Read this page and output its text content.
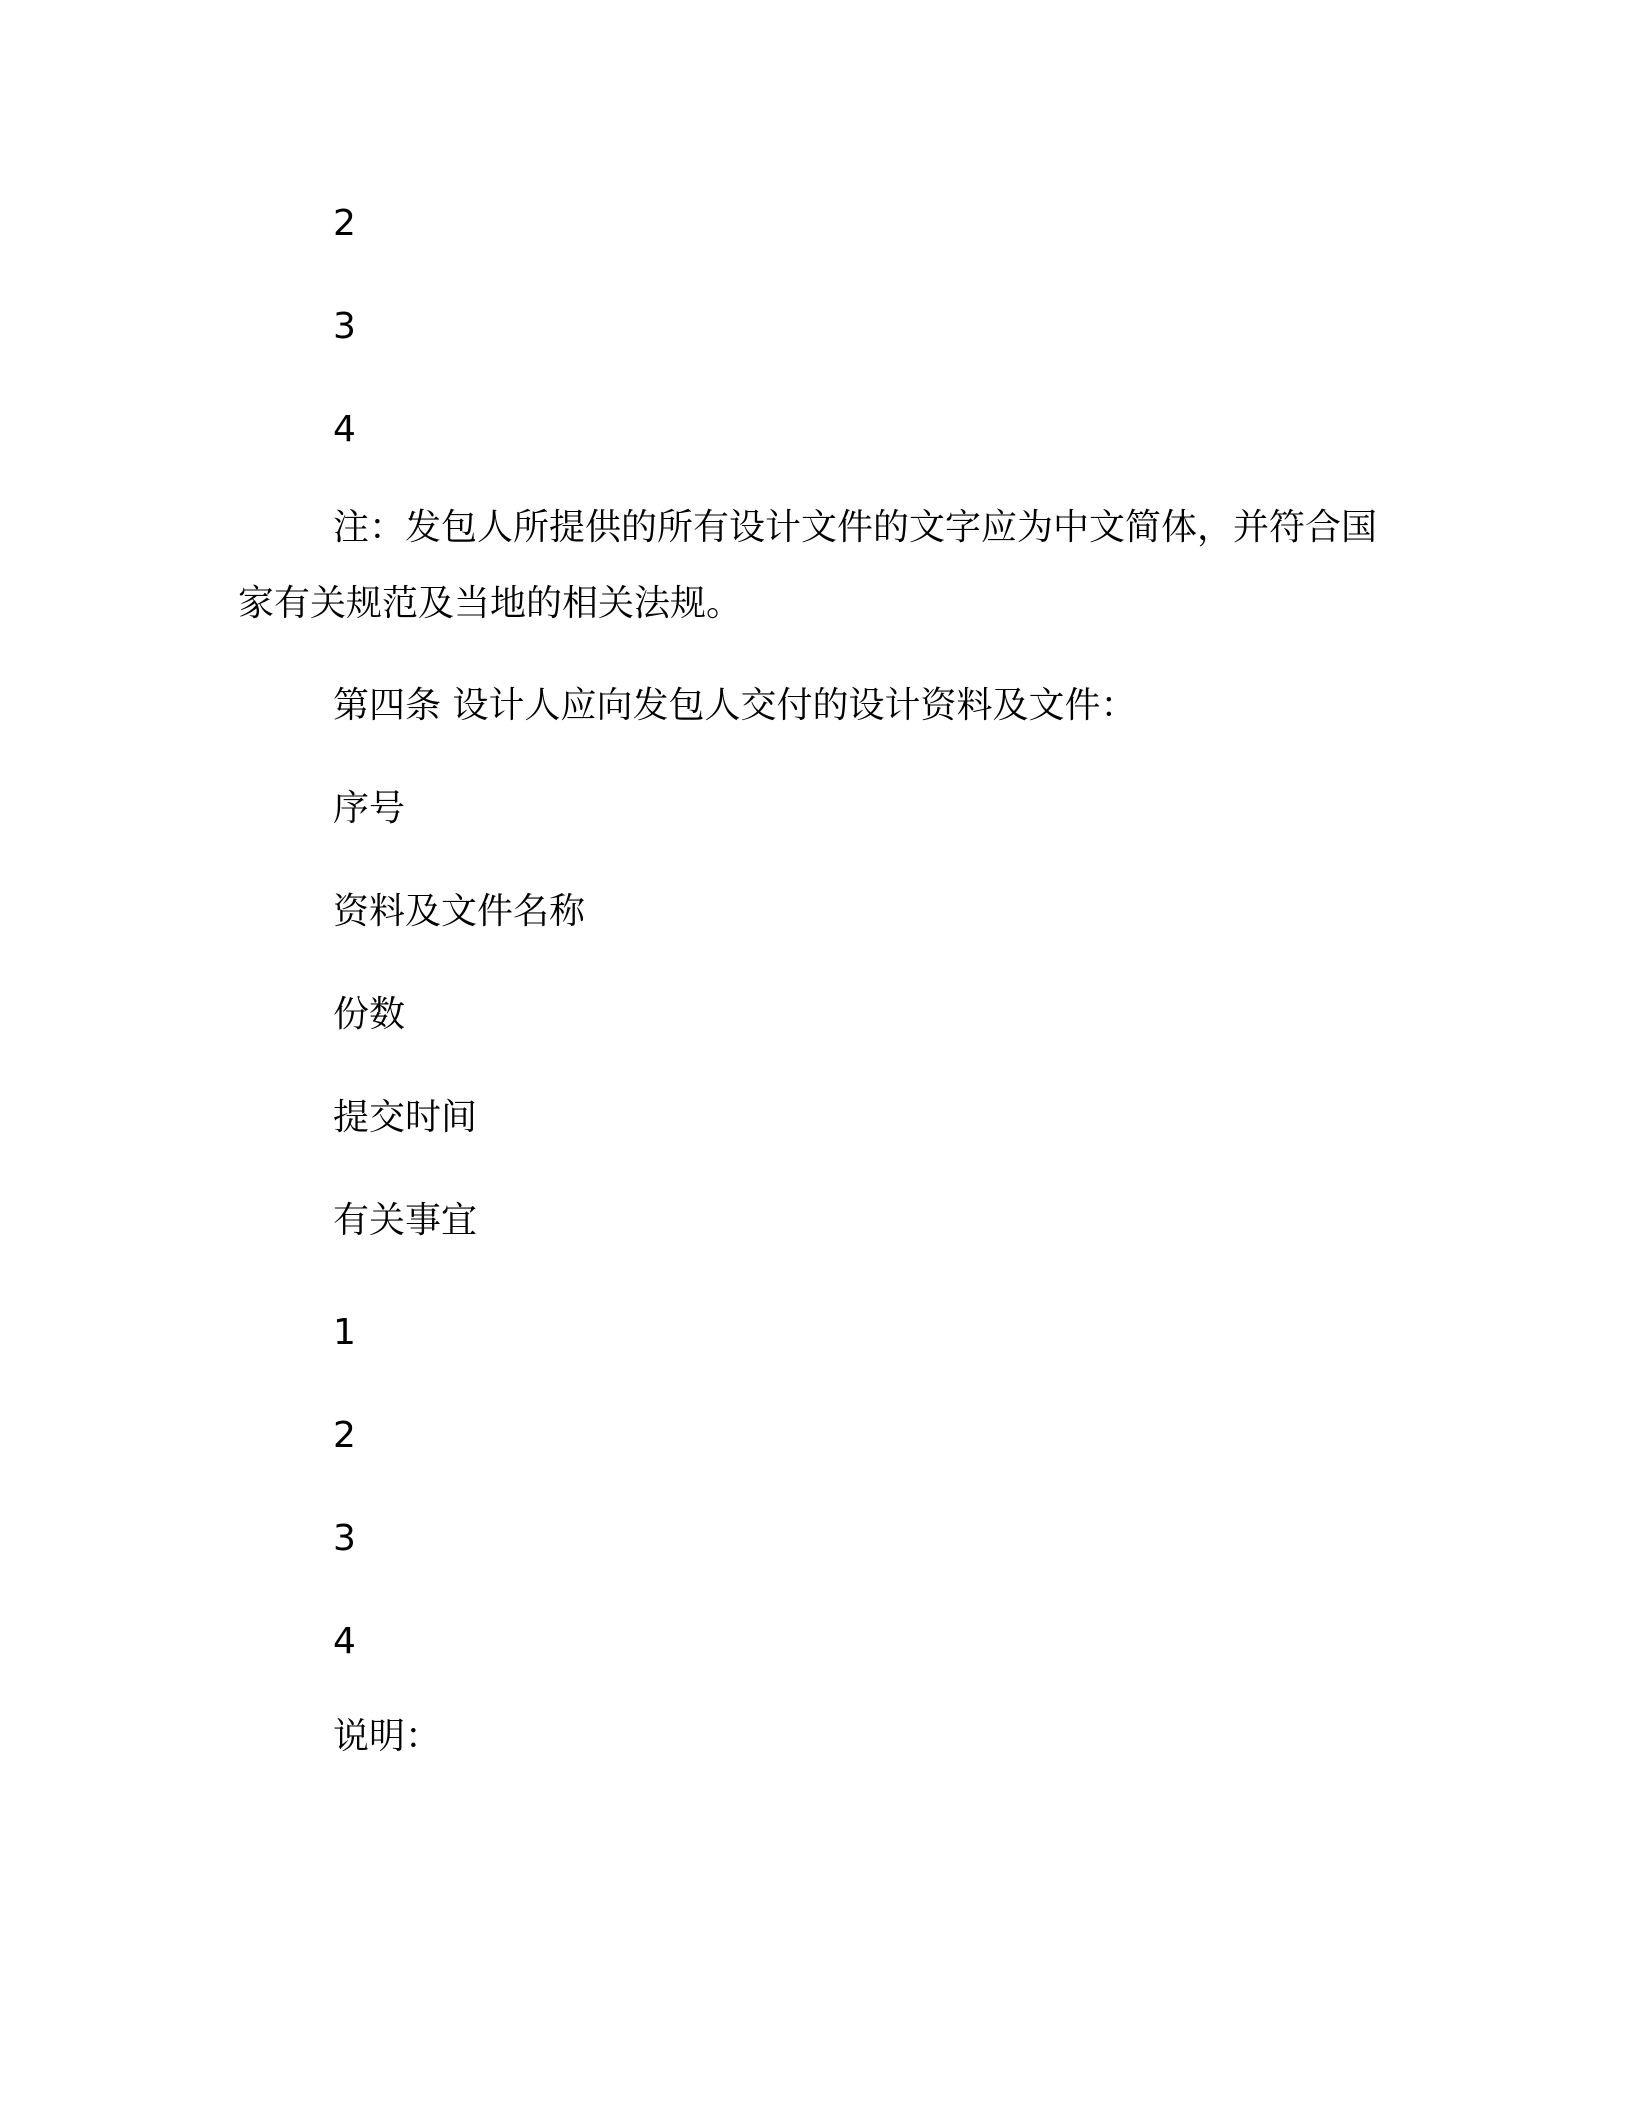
2
3
4

注：发包人所提供的所有设计文件的文字应为中文简体，并符合国家有关规范及当地的相关法规。

第四条 设计人应向发包人交付的设计资料及文件：
序号
资料及文件名称
份数
提交时间
有关事宜
1
2
3
4
说明：
